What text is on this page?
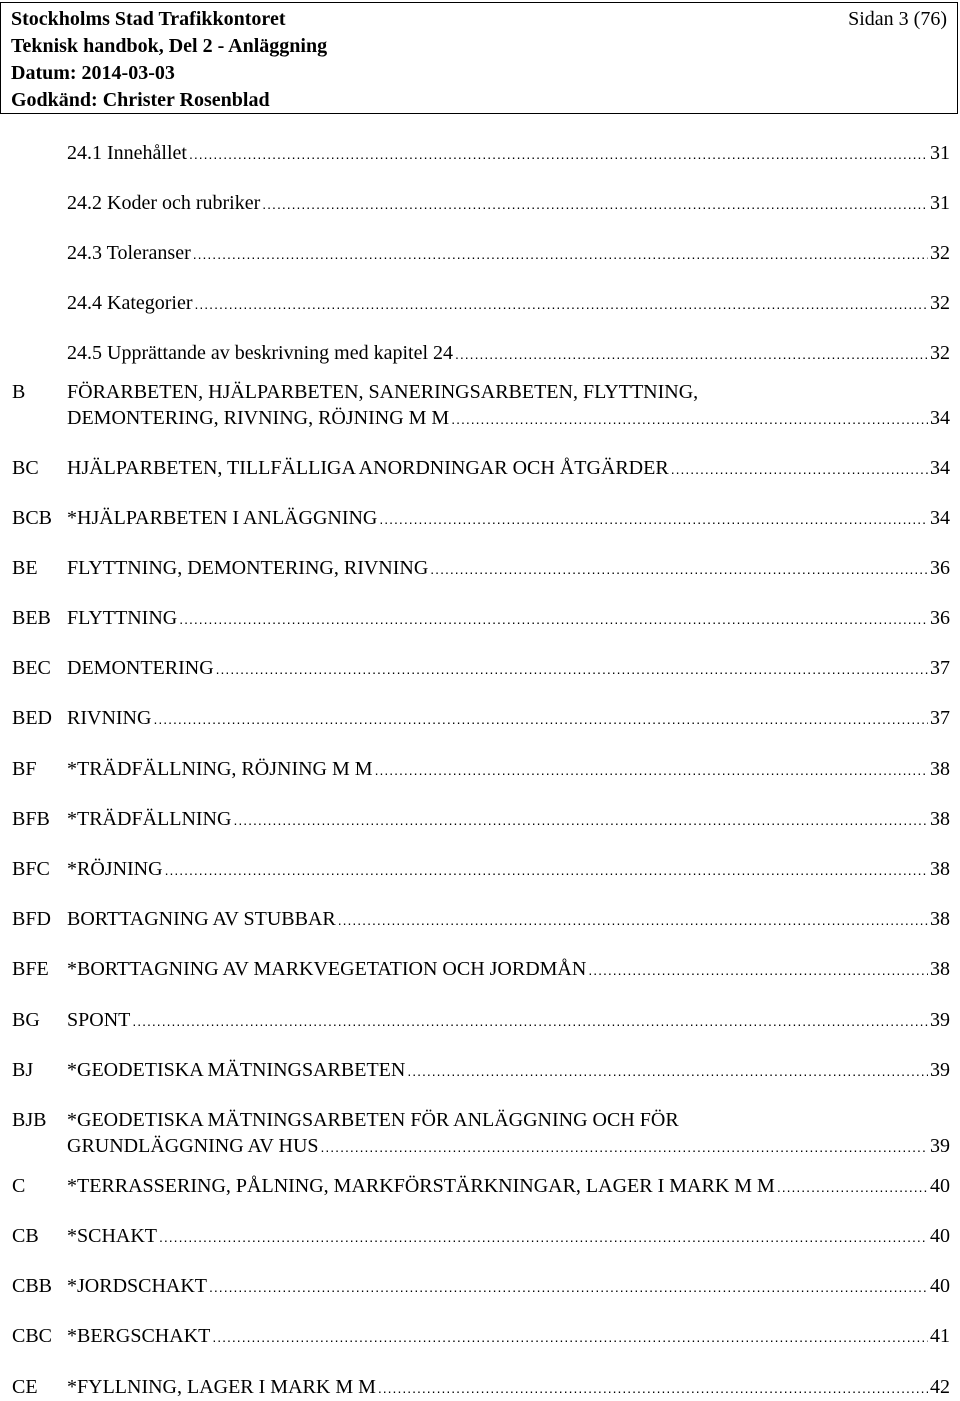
Stockholms Stad Trafikkontoret
Teknisk handbok, Del 2 - Anläggning
Datum: 2014-03-03
Godkänd: Christer Rosenblad
Sidan 3 (76)
24.1 Innehållet .....	31
24.2 Koder och rubriker .....	31
24.3 Toleranser .....	32
24.4 Kategorier .....	32
24.5 Upprättande av beskrivning med kapitel 24 .....	32
B FÖRARBETEN, HJÄLPARBETEN, SANERINGSARBETEN, FLYTTNING,
DEMONTERING, RIVNING, RÖJNING M M .....	34
BC HJÄLPARBETEN, TILLFÄLLIGA ANORDNINGAR OCH ÅTGÄRDER .....	34
BCB *HJÄLPARBETEN I ANLÄGGNING .....	34
BE FLYTTNING, DEMONTERING, RIVNING .....	36
BEB FLYTTNING .....	36
BEC DEMONTERING .....	37
BED RIVNING .....	37
BF *TRÄDFÄLLNING, RÖJNING M M .....	38
BFB *TRÄDFÄLLNING .....	38
BFC *RÖJNING .....	38
BFD BORTTAGNING AV STUBBAR .....	38
BFE *BORTTAGNING AV MARKVEGETATION OCH JORDMÅN .....	38
BG SPONT .....	39
BJ *GEODETISKA MÄTNINGSARBETEN .....	39
BJB *GEODETISKA MÄTNINGSARBETEN FÖR ANLÄGGNING OCH FÖR
GRUNDLÄGGNING AV HUS .....	39
C *TERRASSERING, PÅLNING, MARKFÖRSTÄRKNINGAR, LAGER I MARK M M .....	40
CB *SCHAKT .....	40
CBB *JORDSCHAKT .....	40
CBC *BERGSCHAKT .....	41
CE *FYLLNING, LAGER I MARK M M .....	42
